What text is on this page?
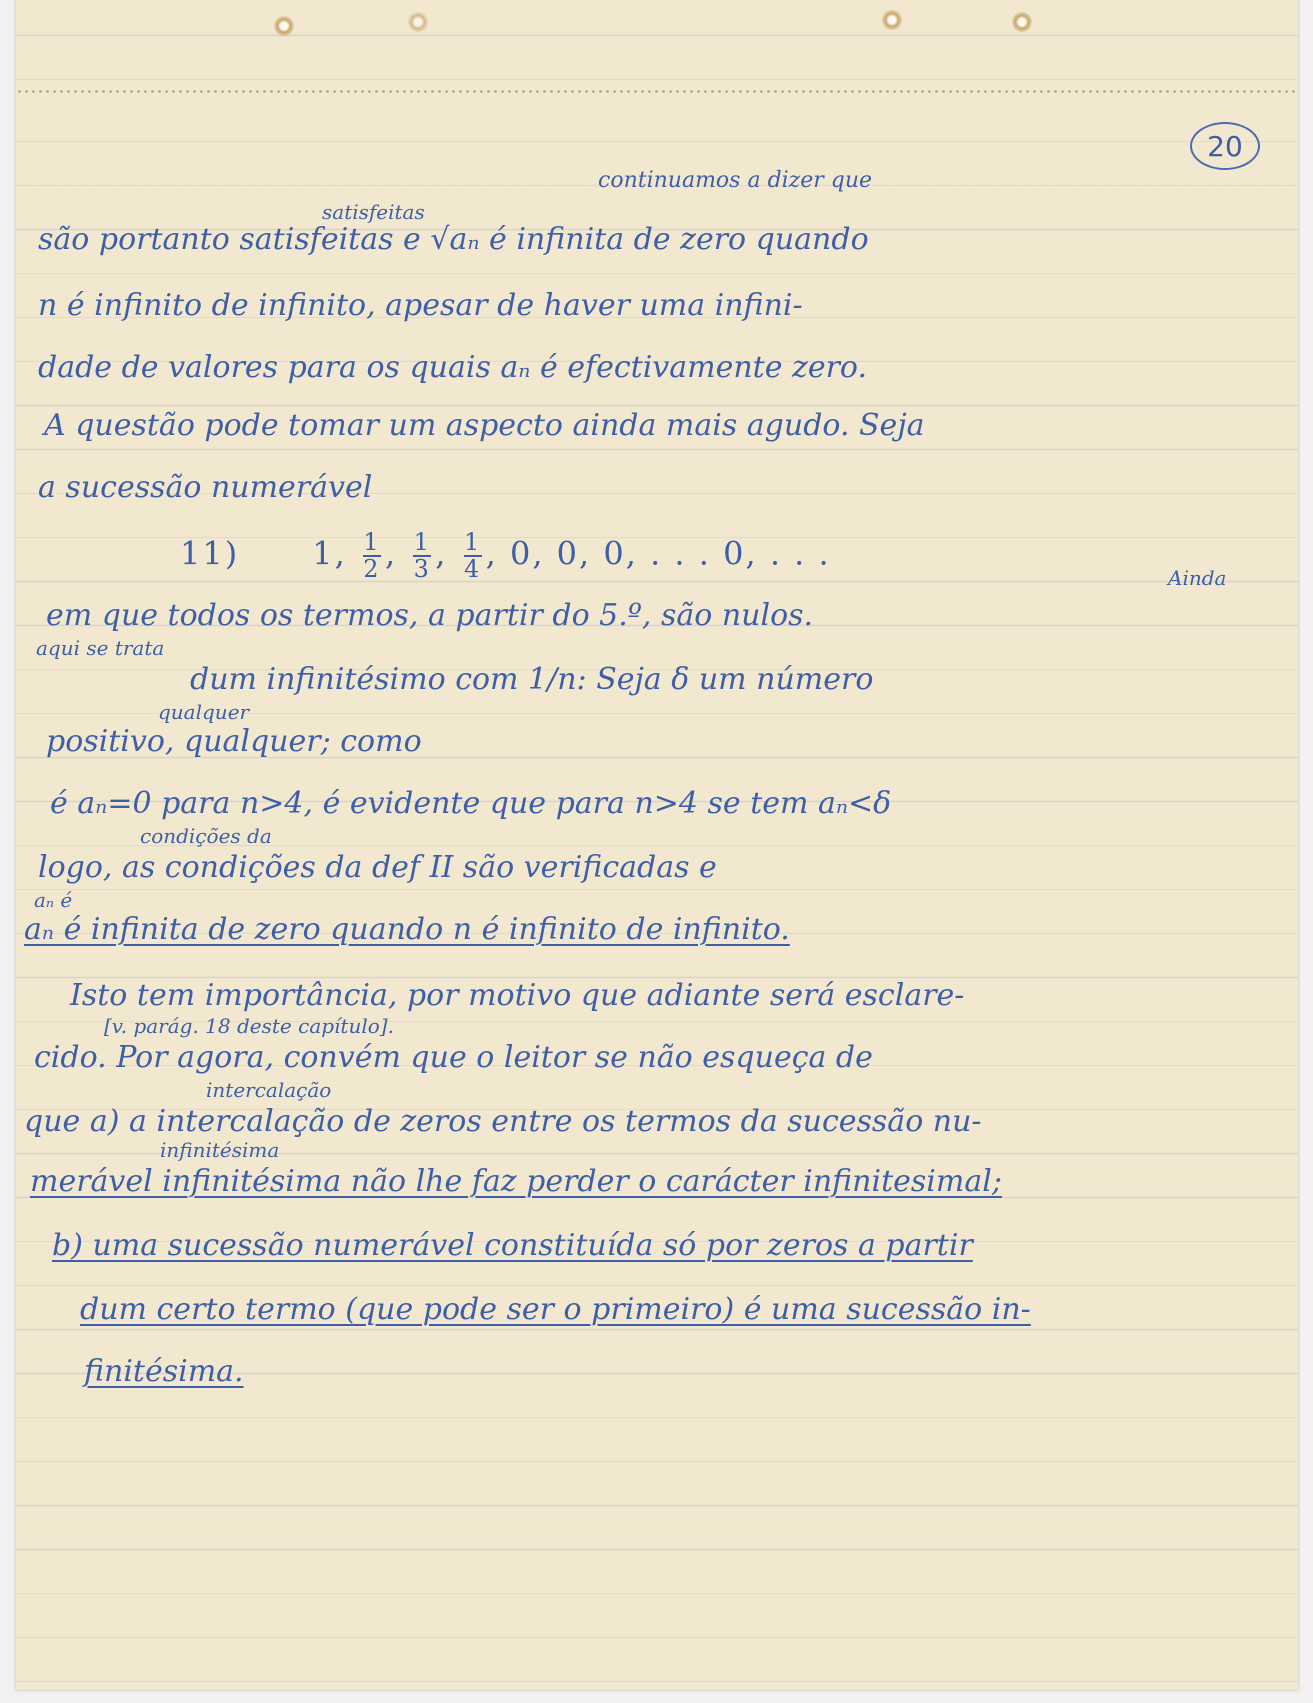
20
satisfeitas
continuamos a dizer que
são portanto satisfeitas e √aₙ é infinita de zero quando
n é infinito de infinito, apesar de haver uma infini-
dade de valores para os quais aₙ é efectivamente zero.
A questão pode tomar um aspecto ainda mais agudo. Seja
a sucessão numerável
11) 1, $\frac{1}{2}$ , $\frac{1}{3}$ , $\frac{1}{4}$ , 0, 0, 0, . . . 0, . . .
Ainda
em que todos os termos, a partir do 5.º, são nulos.
aqui se trata
dum infinitésimo com 1/n: Seja δ um número
qualquer
positivo, qualquer; como
é aₙ=0 para n>4, é evidente que para n>4 se tem aₙ<δ
condições da
logo, as condições da def II são verificadas e
aₙ é
aₙ é infinita de zero quando n é infinito de infinito.
Isto tem importância, por motivo que adiante será esclare-
[v. parág. 18 deste capítulo].
cido. Por agora, convém que o leitor se não esqueça de
intercalação
que a) a intercalação de zeros entre os termos da sucessão nu-
infinitésima
merável infinitésima não lhe faz perder o carácter infinitesimal;
b) uma sucessão numerável constituída só por zeros a partir
dum certo termo (que pode ser o primeiro) é uma sucessão in-
finitésima.
